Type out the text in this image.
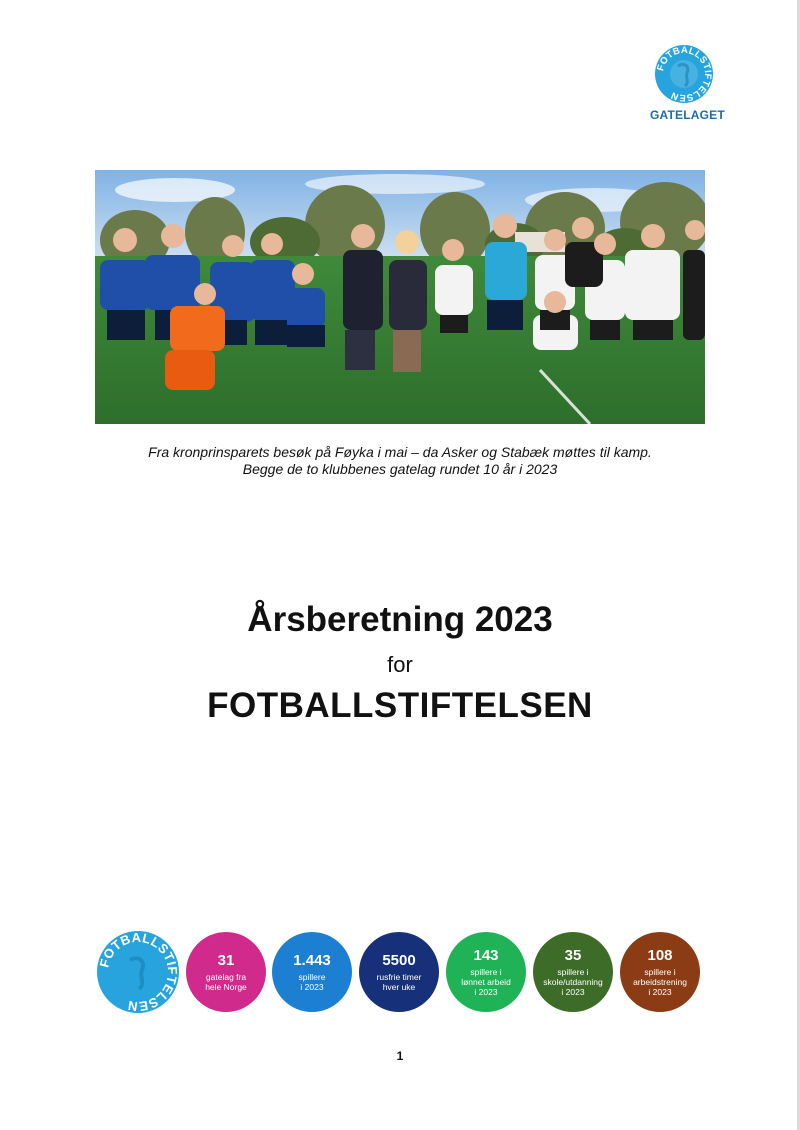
FOTBALLSTIFTELSEN
GATELAGET
Fra kronprinsparets besøk på Føyka i mai – da Asker og Stabæk møttes til kamp.
Begge de to klubbenes gatelag rundet 10 år i 2023
Årsberetning 2023
for
FOTBALLSTIFTELSEN
FOTBALLSTIFTELSEN
31
gatelag fra
hele Norge
1.443
spillere
i 2023
5500
rusfrie timer
hver uke
143
spillere i
lønnet arbeid
i 2023
35
spillere i
skole/utdanning
i 2023
108
spillere i
arbeidstrening
i 2023
1
